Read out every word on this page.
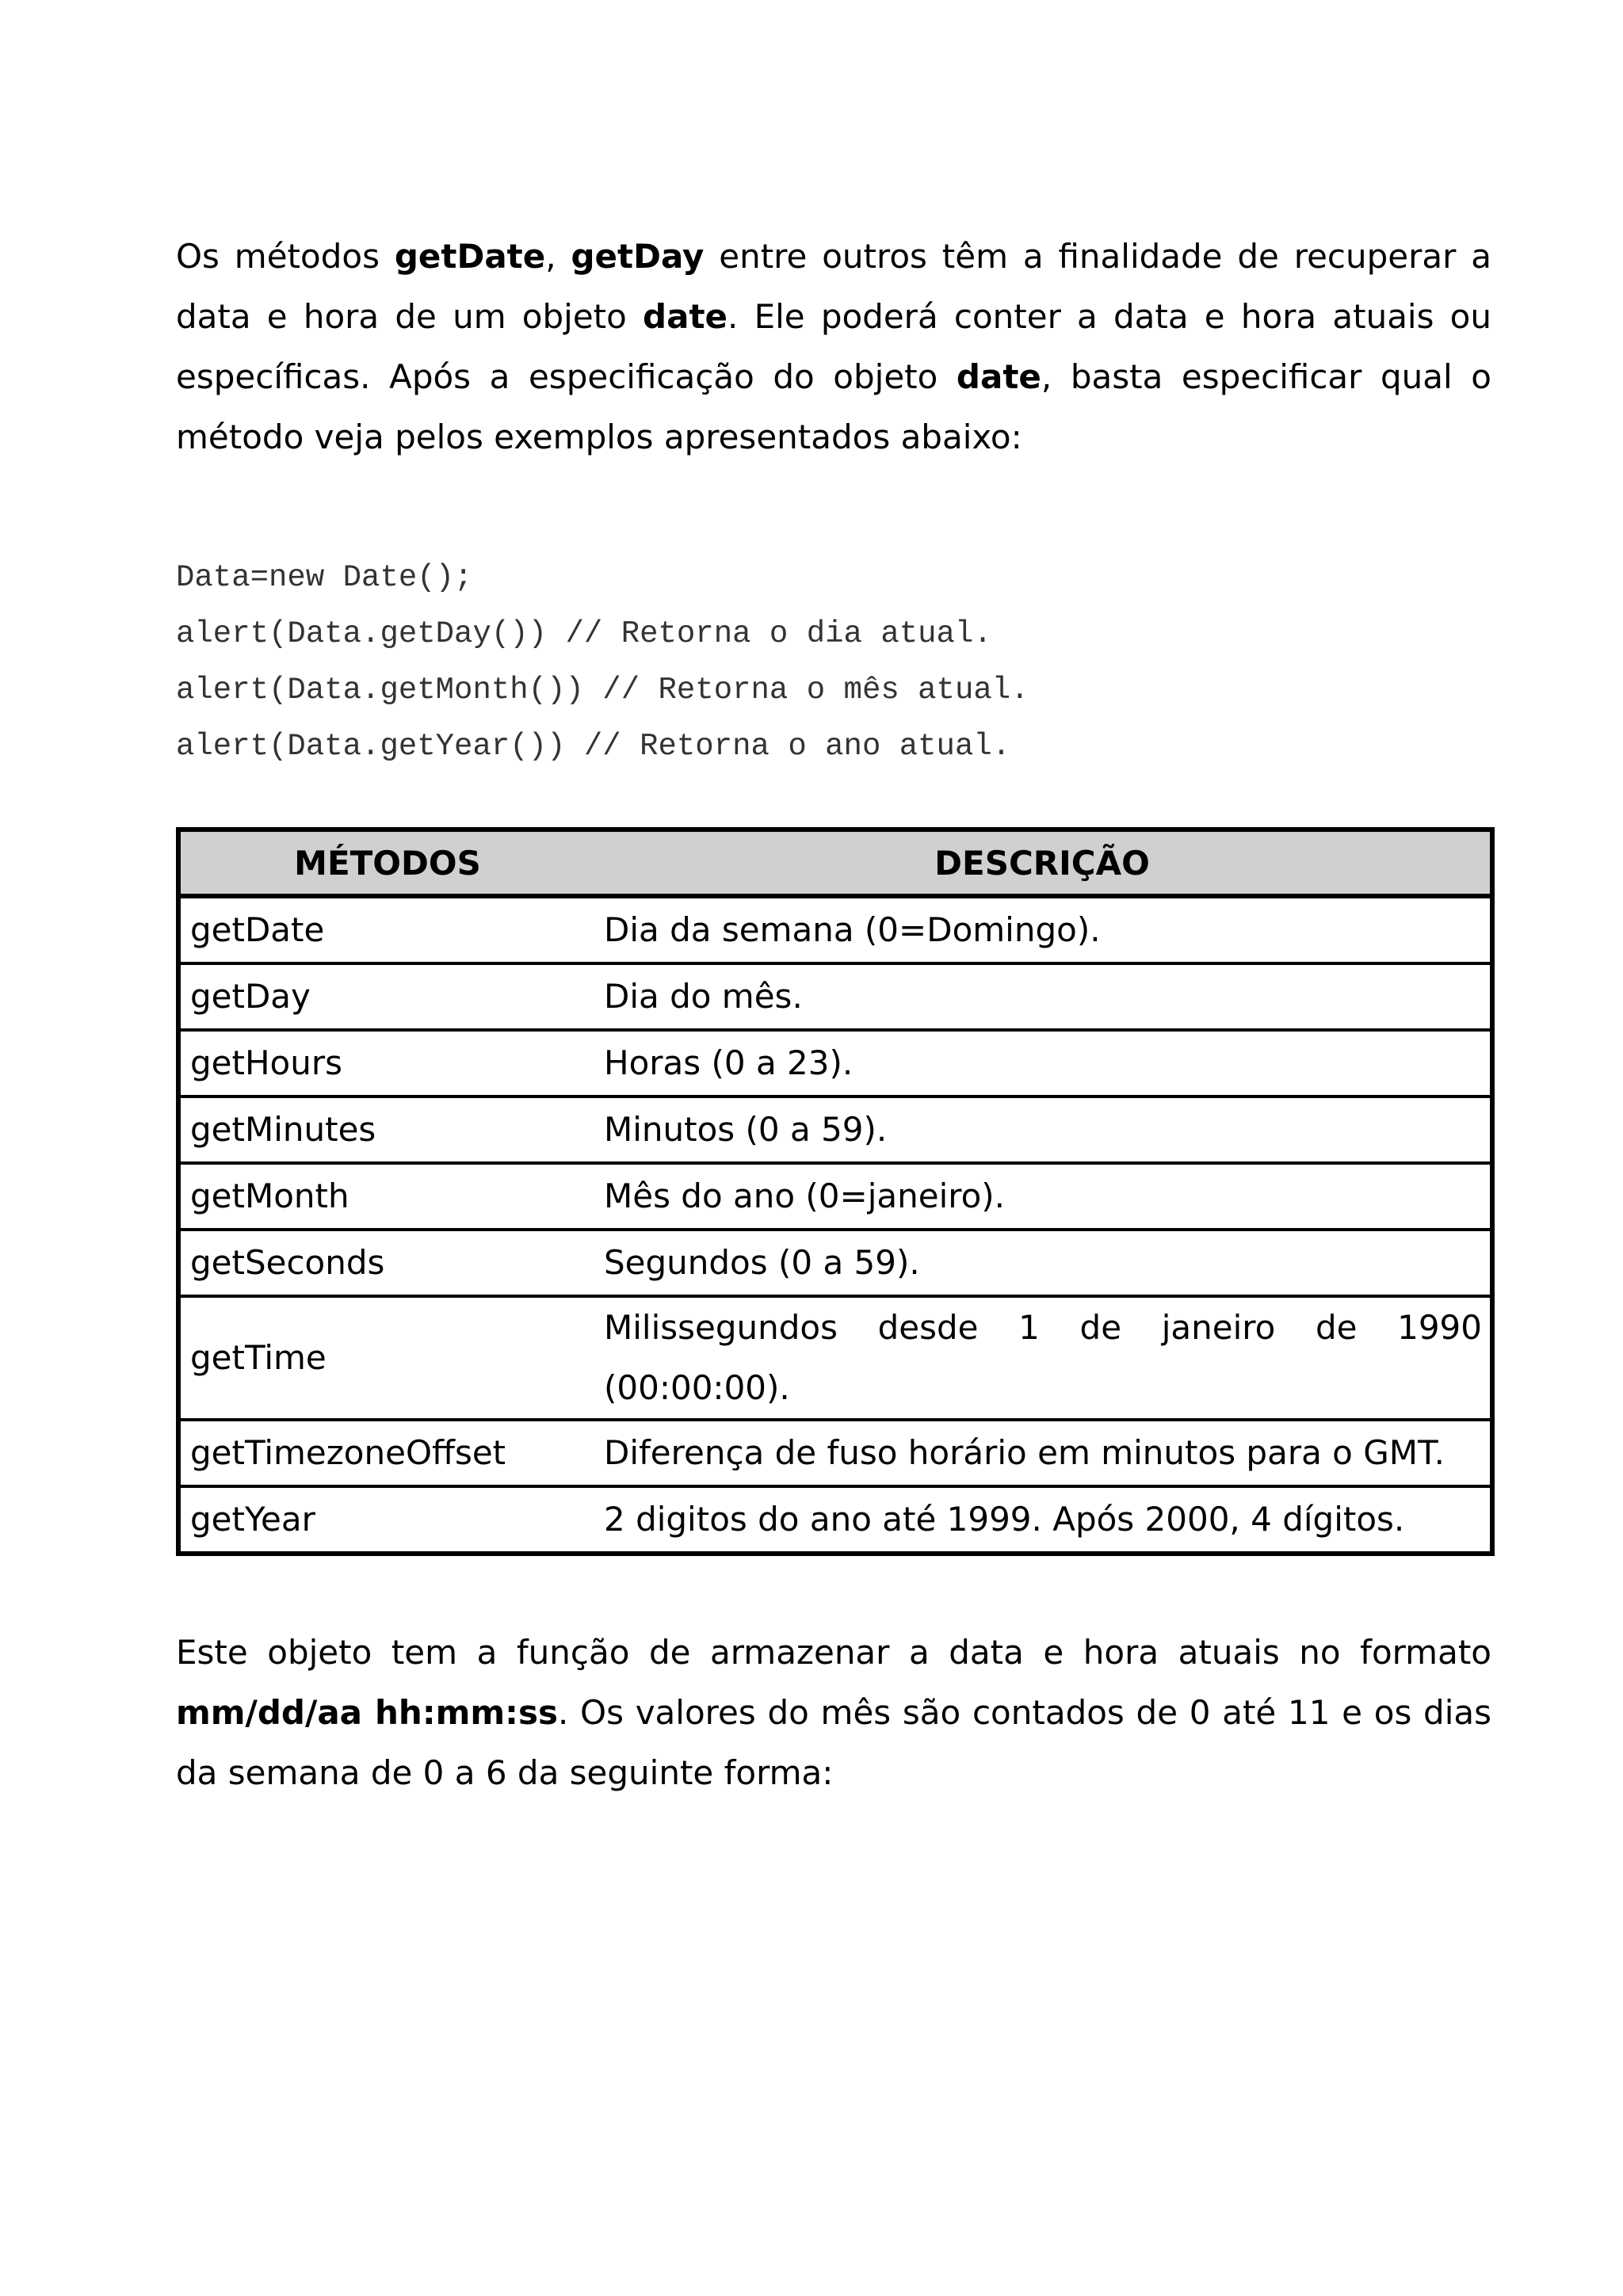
Os métodos getDate, getDay entre outros têm a finalidade de recuperar a data e hora de um objeto date. Ele poderá conter a data e hora atuais ou específicas. Após a especificação do objeto date, basta especificar qual o método veja pelos exemplos apresentados abaixo:

Data=new Date();
alert(Data.getDay()) // Retorna o dia atual.
alert(Data.getMonth()) // Retorna o mês atual.
alert(Data.getYear()) // Retorna o ano atual.
MÉTODOS	DESCRIÇÃO
getDate	Dia da semana (0=Domingo).
getDay	Dia do mês.
getHours	Horas (0 a 23).
getMinutes	Minutos (0 a 59).
getMonth	Mês do ano (0=janeiro).
getSeconds	Segundos (0 a 59).
getTime	Milissegundos desde 1 de janeiro de 1990 (00:00:00).
getTimezoneOffset	Diferença de fuso horário em minutos para o GMT.
getYear	2 digitos do ano até 1999. Após 2000, 4 dígitos.

Este objeto tem a função de armazenar a data e hora atuais no formato mm/dd/aa hh:mm:ss. Os valores do mês são contados de 0 até 11 e os dias da semana de 0 a 6 da seguinte forma:
